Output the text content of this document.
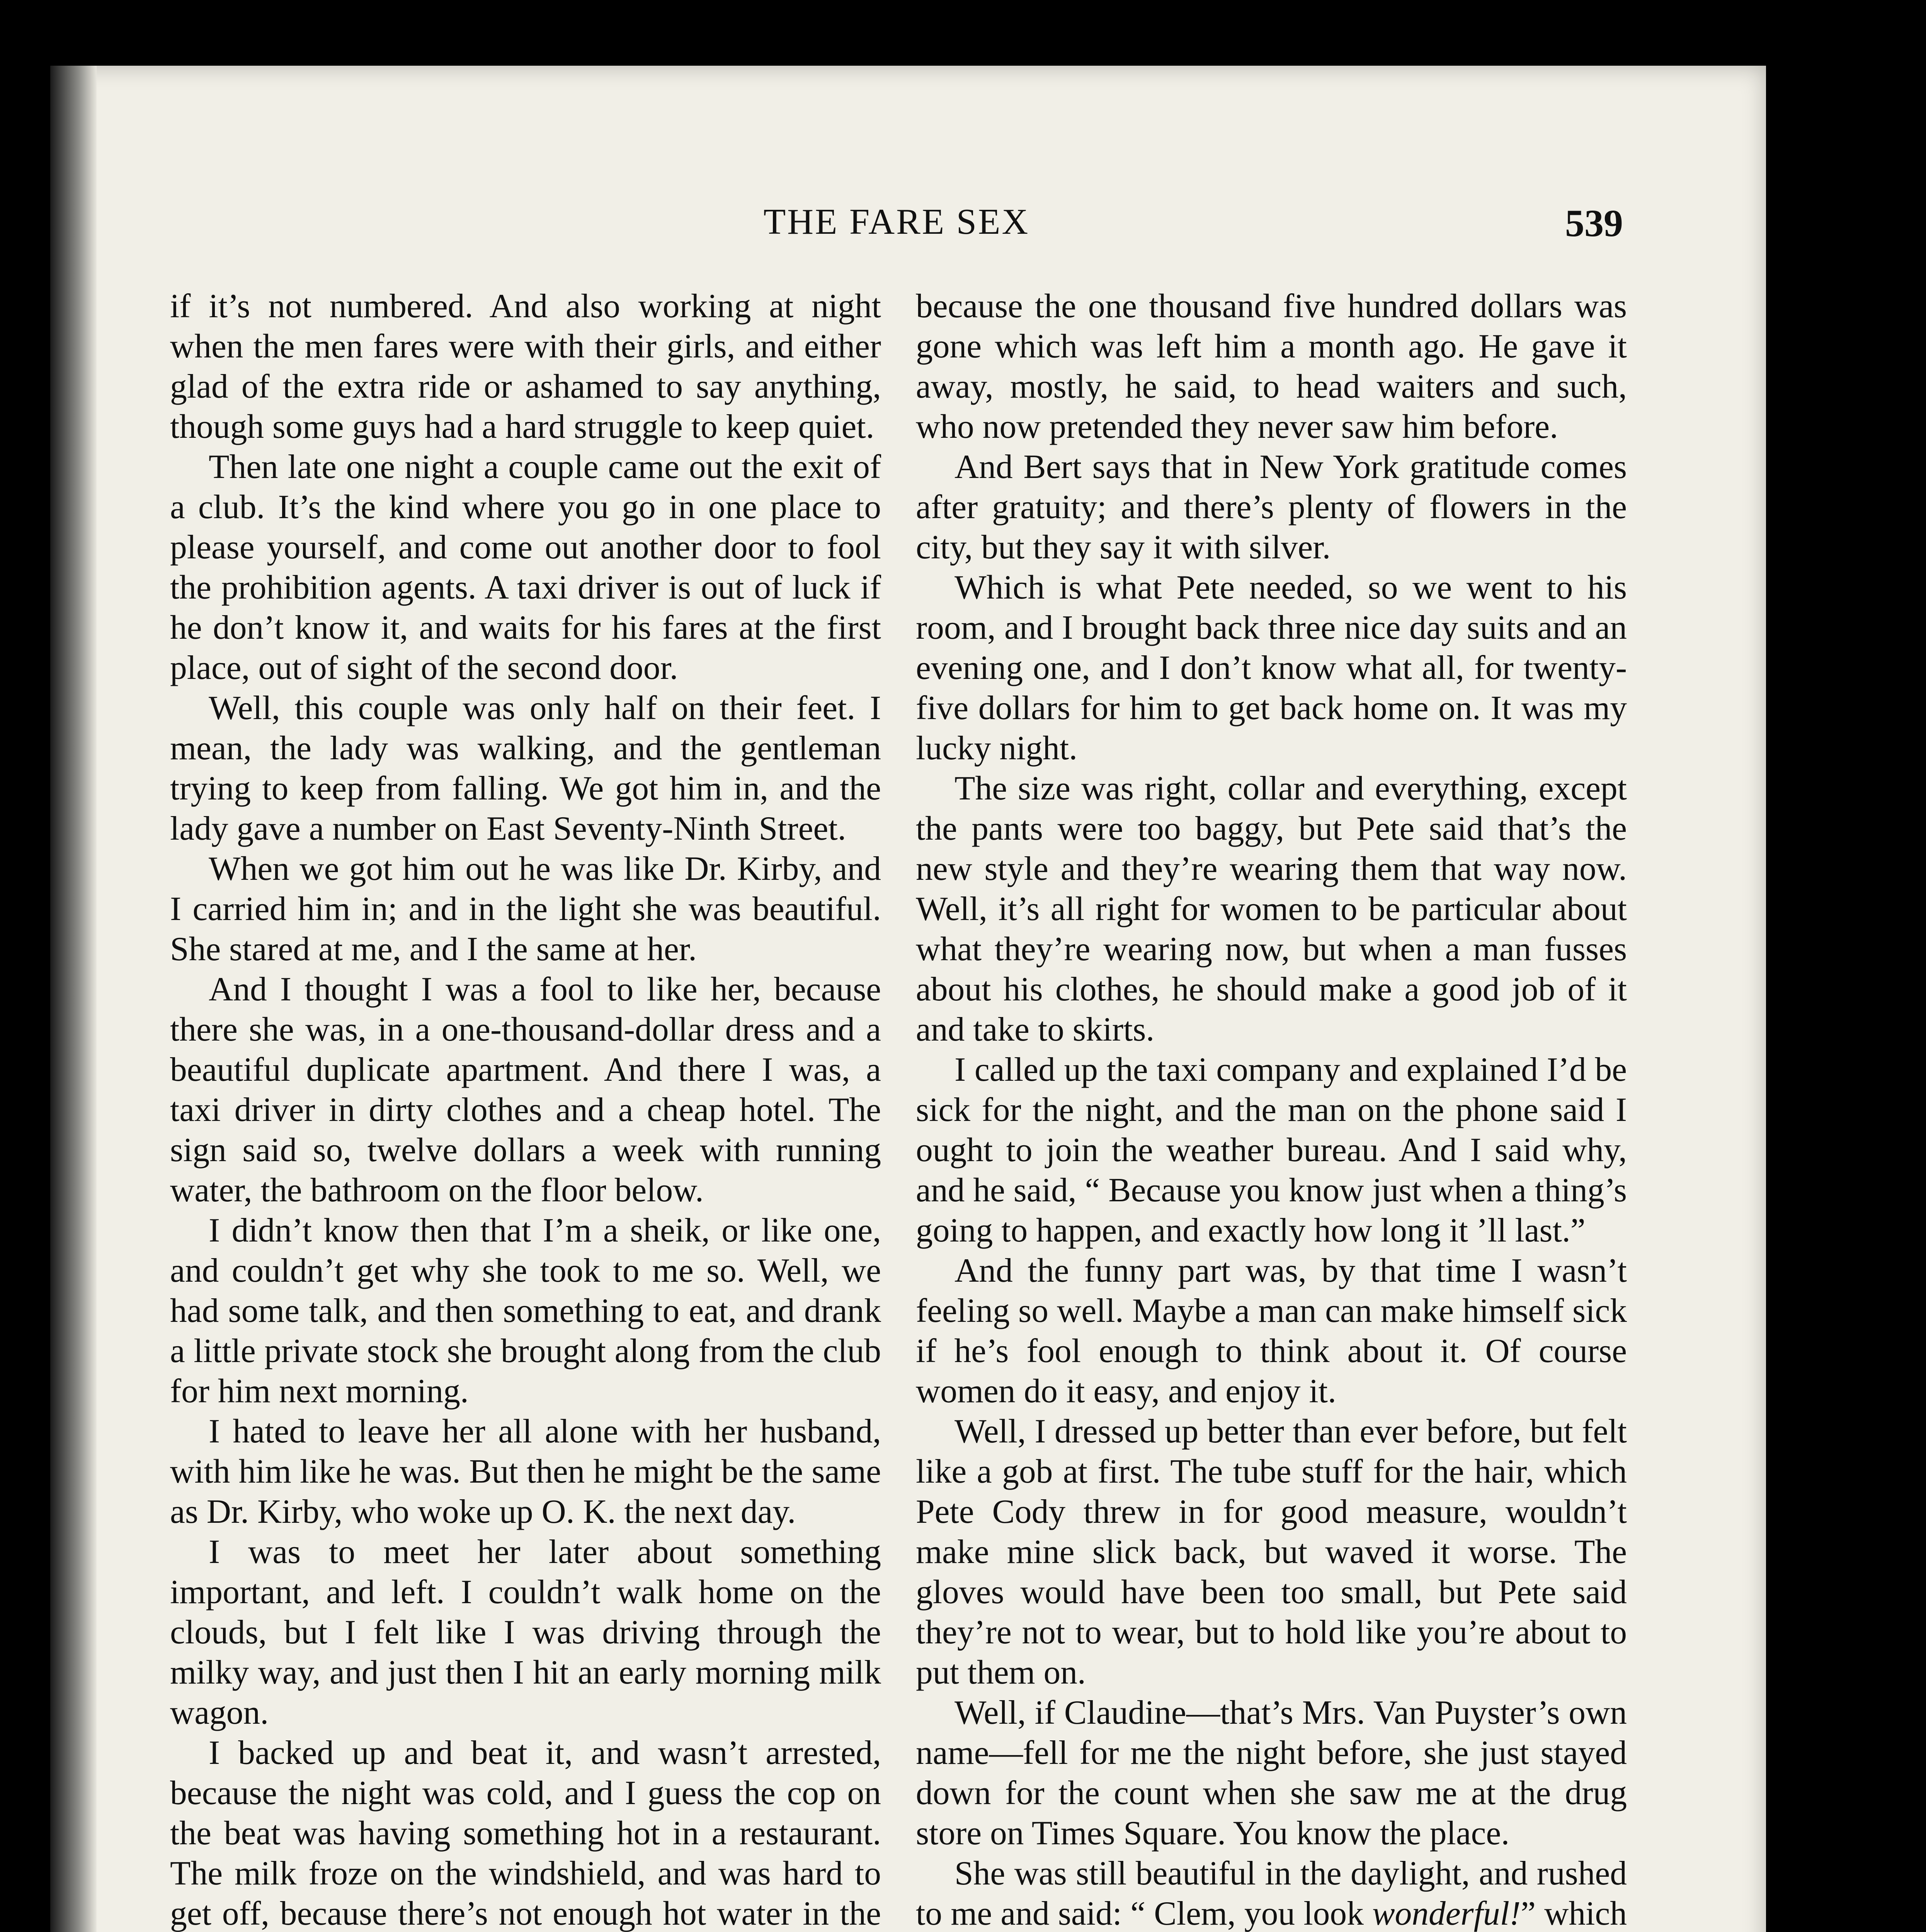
THE FARE SEX	539

if it’s not numbered. And also working at night when the men fares were with their girls, and either glad of the extra ride or ashamed to say anything, though some guys had a hard struggle to keep quiet.

Then late one night a couple came out the exit of a club. It’s the kind where you go in one place to please yourself, and come out another door to fool the prohibition agents. A taxi driver is out of luck if he don’t know it, and waits for his fares at the first place, out of sight of the second door.

Well, this couple was only half on their feet. I mean, the lady was walking, and the gentleman trying to keep from falling. We got him in, and the lady gave a number on East Seventy-Ninth Street.

When we got him out he was like Dr. Kirby, and I carried him in; and in the light she was beautiful. She stared at me, and I the same at her.

And I thought I was a fool to like her, because there she was, in a one-thousand-dollar dress and a beautiful duplicate apartment. And there I was, a taxi driver in dirty clothes and a cheap hotel. The sign said so, twelve dollars a week with running water, the bathroom on the floor below.

I didn’t know then that I’m a sheik, or like one, and couldn’t get why she took to me so. Well, we had some talk, and then something to eat, and drank a little private stock she brought along from the club for him next morning.

I hated to leave her all alone with her husband, with him like he was. But then he might be the same as Dr. Kirby, who woke up O. K. the next day.

I was to meet her later about something important, and left. I couldn’t walk home on the clouds, but I felt like I was driving through the milky way, and just then I hit an early morning milk wagon.

I backed up and beat it, and wasn’t arrested, because the night was cold, and I guess the cop on the beat was having something hot in a restaurant. The milk froze on the windshield, and was hard to get off, because there’s not enough hot water in the

because the one thousand five hundred dollars was gone which was left him a month ago. He gave it away, mostly, he said, to head waiters and such, who now pretended they never saw him before.

And Bert says that in New York gratitude comes after gratuity; and there’s plenty of flowers in the city, but they say it with silver.

Which is what Pete needed, so we went to his room, and I brought back three nice day suits and an evening one, and I don’t know what all, for twenty-five dollars for him to get back home on. It was my lucky night.

The size was right, collar and everything, except the pants were too baggy, but Pete said that’s the new style and they’re wearing them that way now. Well, it’s all right for women to be particular about what they’re wearing now, but when a man fusses about his clothes, he should make a good job of it and take to skirts.

I called up the taxi company and explained I’d be sick for the night, and the man on the phone said I ought to join the weather bureau. And I said why, and he said, “ Because you know just when a thing’s going to happen, and exactly how long it ’ll last.”

And the funny part was, by that time I wasn’t feeling so well. Maybe a man can make himself sick if he’s fool enough to think about it. Of course women do it easy, and enjoy it.

Well, I dressed up better than ever before, but felt like a gob at first. The tube stuff for the hair, which Pete Cody threw in for good measure, wouldn’t make mine slick back, but waved it worse. The gloves would have been too small, but Pete said they’re not to wear, but to hold like you’re about to put them on.

Well, if Claudine—that’s Mrs. Van Puyster’s own name—fell for me the night before, she just stayed down for the count when she saw me at the drug store on Times Square. You know the place.

She was still beautiful in the daylight, and rushed to me and said: “ Clem, you look wonderful!” which
